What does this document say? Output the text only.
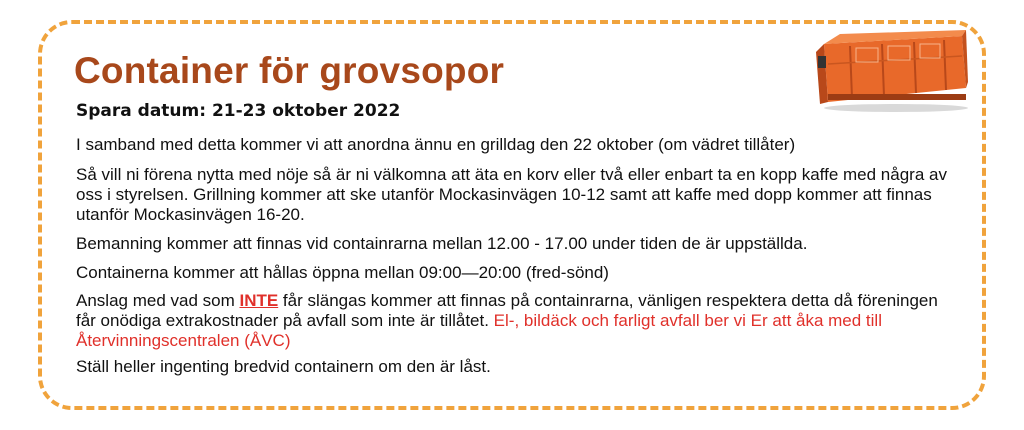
Container för grovsopor
Spara datum: 21-23 oktober 2022

I samband med detta kommer vi att anordna ännu en grilldag den 22 oktober (om vädret tillåter)

Så vill ni förena nytta med nöje så är ni välkomna att äta en korv eller två eller enbart ta en kopp kaffe med några av oss i styrelsen. Grillning kommer att ske utanför Mockasinvägen 10-12 samt att kaffe med dopp kommer att finnas utanför Mockasinvägen 16-20.

Bemanning kommer att finnas vid containrarna mellan 12.00 - 17.00 under tiden de är uppställda.

Containerna kommer att hållas öppna mellan 09:00—20:00 (fred-sönd)

Anslag med vad som INTE får slängas kommer att finnas på containrarna, vänligen respektera detta då föreningen får onödiga extrakostnader på avfall som inte är tillåtet. El-, bildäck och farligt avfall ber vi Er att åka med till Återvinningscentralen (ÅVC)

Ställ heller ingenting bredvid containern om den är låst.
